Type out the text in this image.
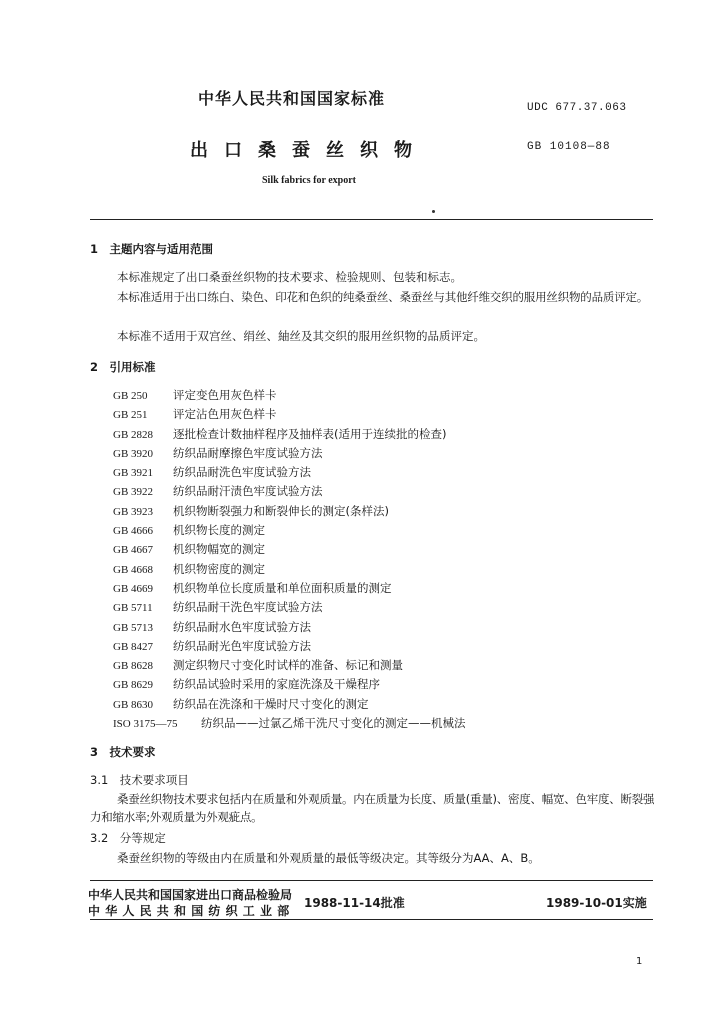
中华人民共和国国家标准	UDC 677.37.063
出口桑蚕丝织物	GB 10108—88
Silk fabrics for export
1　主题内容与适用范围
本标准规定了出口桑蚕丝织物的技术要求、检验规则、包装和标志。
本标准适用于出口练白、染色、印花和色织的纯桑蚕丝、桑蚕丝与其他纤维交织的服用丝织物的品质评定。
本标准不适用于双宫丝、绢丝、紬丝及其交织的服用丝织物的品质评定。
2　引用标准
GB 250 评定变色用灰色样卡
GB 251 评定沾色用灰色样卡
GB 2828 逐批检查计数抽样程序及抽样表(适用于连续批的检查)
GB 3920 纺织品耐摩擦色牢度试验方法
GB 3921 纺织品耐洗色牢度试验方法
GB 3922 纺织品耐汗渍色牢度试验方法
GB 3923 机织物断裂强力和断裂伸长的测定(条样法)
GB 4666 机织物长度的测定
GB 4667 机织物幅宽的测定
GB 4668 机织物密度的测定
GB 4669 机织物单位长度质量和单位面积质量的测定
GB 5711 纺织品耐干洗色牢度试验方法
GB 5713 纺织品耐水色牢度试验方法
GB 8427 纺织品耐光色牢度试验方法
GB 8628 测定织物尺寸变化时试样的准备、标记和测量
GB 8629 纺织品试验时采用的家庭洗涤及干燥程序
GB 8630 纺织品在洗涤和干燥时尺寸变化的测定
ISO 3175—75 纺织品——过氯乙烯干洗尺寸变化的测定——机械法
3　技术要求
3.1　技术要求项目
桑蚕丝织物技术要求包括内在质量和外观质量。内在质量为长度、质量(重量)、密度、幅宽、色牢度、断裂强力和缩水率;外观质量为外观疵点。
3.2　分等规定
桑蚕丝织物的等级由内在质量和外观质量的最低等级决定。其等级分为AA、A、B。
中华人民共和国国家进出口商品检验局
中华人民共和国纺织工业部
1988-11-14批准	1989-10-01实施
1
